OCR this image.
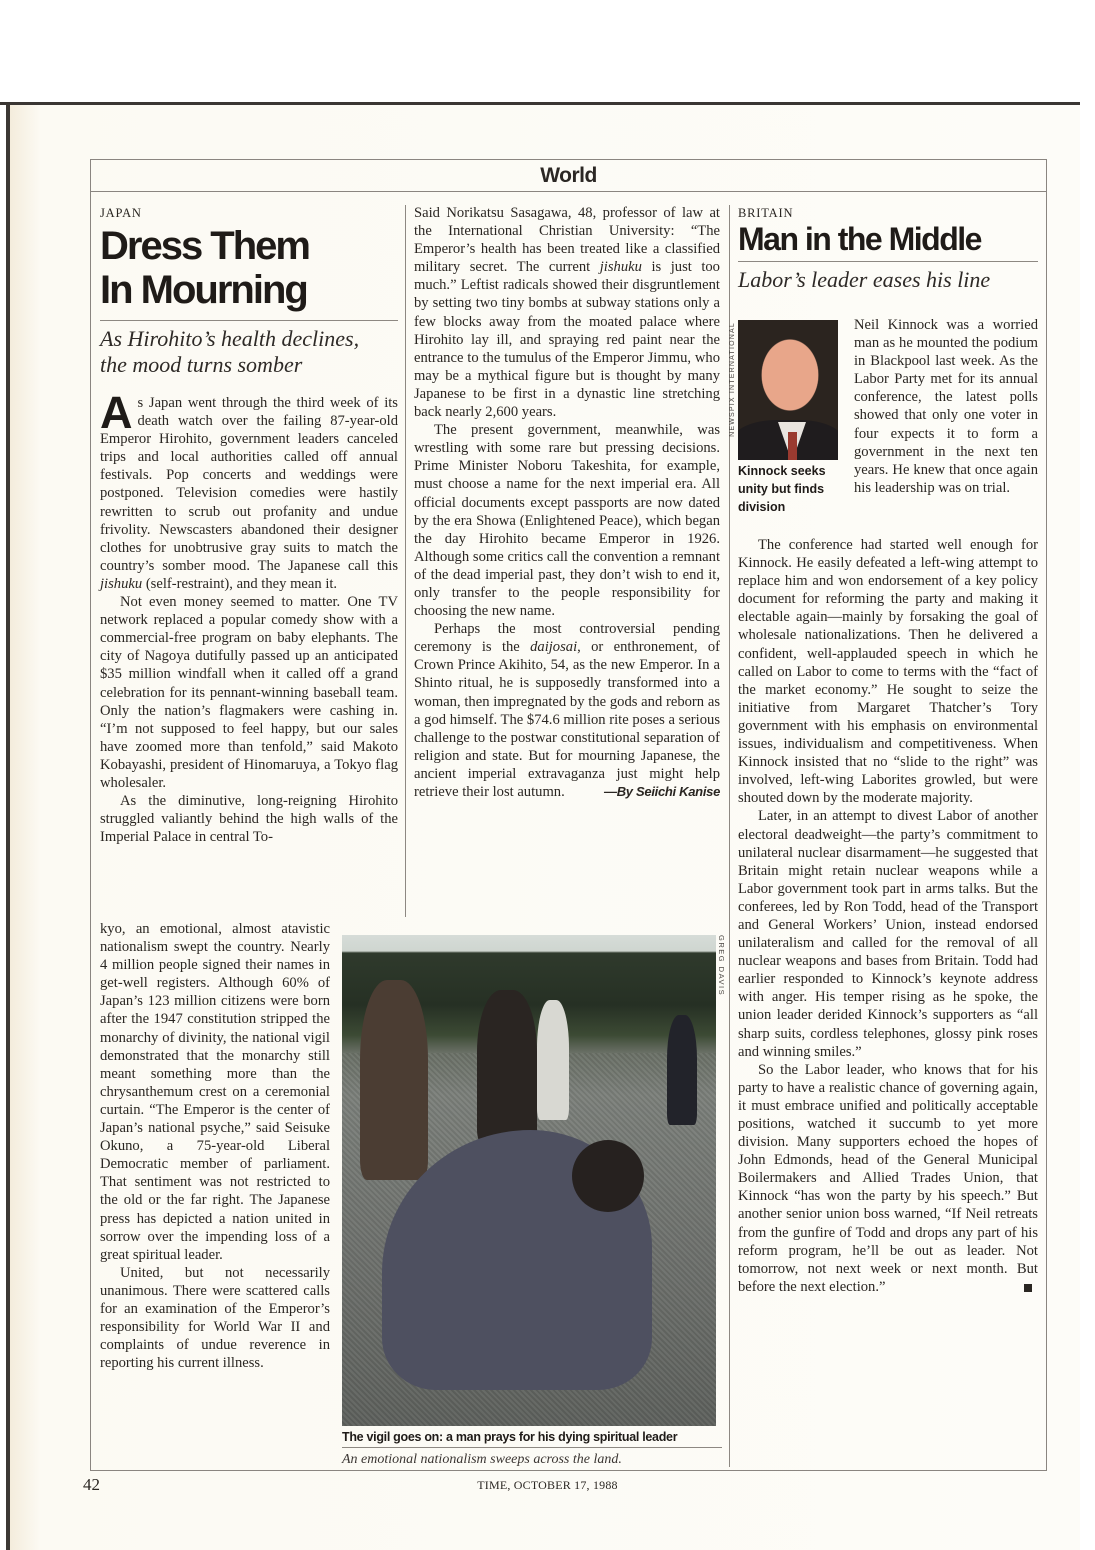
World

JAPAN

Dress Them
In Mourning
As Hirohito’s health declines,
the mood turns somber

As Japan went through the third week of its death watch over the failing 87-year-old Emperor Hirohito, government leaders canceled trips and local authorities called off annual festivals. Pop concerts and weddings were postponed. Television comedies were hastily rewritten to scrub out profanity and undue frivolity. Newscasters abandoned their designer clothes for unobtrusive gray suits to match the country’s somber mood. The Japanese call this jishuku (self-restraint), and they mean it.

Not even money seemed to matter. One TV network replaced a popular comedy show with a commercial-free program on baby elephants. The city of Nagoya dutifully passed up an anticipated $35 million windfall when it called off a grand celebration for its pennant-winning baseball team. Only the nation’s flagmakers were cashing in. “I’m not supposed to feel happy, but our sales have zoomed more than tenfold,” said Makoto Kobayashi, president of Hinomaruya, a Tokyo flag wholesaler.

As the diminutive, long-reigning Hirohito struggled valiantly behind the high walls of the Imperial Palace in central To-

kyo, an emotional, almost atavistic nationalism swept the country. Nearly 4 million people signed their names in get-well registers. Although 60% of Japan’s 123 million citizens were born after the 1947 constitution stripped the monarchy of divinity, the national vigil demonstrated that the monarchy still meant something more than the chrysanthemum crest on a ceremonial curtain. “The Emperor is the center of Japan’s national psyche,” said Seisuke Okuno, a 75-year-old Liberal Democratic member of parliament. That sentiment was not restricted to the old or the far right. The Japanese press has depicted a nation united in sorrow over the impending loss of a great spiritual leader.

United, but not necessarily unanimous. There were scattered calls for an examination of the Emperor’s responsibility for World War II and complaints of undue reverence in reporting his current illness.

Said Norikatsu Sasagawa, 48, professor of law at the International Christian University: “The Emperor’s health has been treated like a classified military secret. The current jishuku is just too much.” Leftist radicals showed their disgruntlement by setting two tiny bombs at subway stations only a few blocks away from the moated palace where Hirohito lay ill, and spraying red paint near the entrance to the tumulus of the Emperor Jimmu, who may be a mythical figure but is thought by many Japanese to be first in a dynastic line stretching back nearly 2,600 years.

The present government, meanwhile, was wrestling with some rare but pressing decisions. Prime Minister Noboru Takeshita, for example, must choose a name for the next imperial era. All official documents except passports are now dated by the era Showa (Enlightened Peace), which began the day Hirohito became Emperor in 1926. Although some critics call the convention a remnant of the dead imperial past, they don’t wish to end it, only transfer to the people responsibility for choosing the new name.

Perhaps the most controversial pending ceremony is the daijosai, or enthronement, of Crown Prince Akihito, 54, as the new Emperor. In a Shinto ritual, he is supposedly transformed into a woman, then impregnated by the gods and reborn as a god himself. The $74.6 million rite poses a serious challenge to the postwar constitutional separation of religion and state. But for mourning Japanese, the ancient imperial extravaganza just might help retrieve their lost autumn.	—By Seiichi Kanise

GREG DAVIS
The vigil goes on: a man prays for his dying spiritual leader
An emotional nationalism sweeps across the land.

BRITAIN

Man in the Middle
Labor’s leader eases his line
NEWSPIX INTERNATIONAL
Kinnock seeks unity but finds division

Neil Kinnock was a worried man as he mounted the podium in Blackpool last week. As the Labor Party met for its annual conference, the latest polls showed that only one voter in four expects it to form a government in the next ten years. He knew that once again his leadership was on trial.

The conference had started well enough for Kinnock. He easily defeated a left-wing attempt to replace him and won endorsement of a key policy document for reforming the party and making it electable again—mainly by forsaking the goal of wholesale nationalizations. Then he delivered a confident, well-applauded speech in which he called on Labor to come to terms with the “fact of the market economy.” He sought to seize the initiative from Margaret Thatcher’s Tory government with his emphasis on environmental issues, individualism and competitiveness. When Kinnock insisted that no “slide to the right” was involved, left-wing Laborites growled, but were shouted down by the moderate majority.

Later, in an attempt to divest Labor of another electoral deadweight—the party’s commitment to unilateral nuclear disarmament—he suggested that Britain might retain nuclear weapons while a Labor government took part in arms talks. But the conferees, led by Ron Todd, head of the Transport and General Workers’ Union, instead endorsed unilateralism and called for the removal of all nuclear weapons and bases from Britain. Todd had earlier responded to Kinnock’s keynote address with anger. His temper rising as he spoke, the union leader derided Kinnock’s supporters as “all sharp suits, cordless telephones, glossy pink roses and winning smiles.”

So the Labor leader, who knows that for his party to have a realistic chance of governing again, it must embrace unified and politically acceptable positions, watched it succumb to yet more division. Many supporters echoed the hopes of John Edmonds, head of the General Municipal Boilermakers and Allied Trades Union, that Kinnock “has won the party by his speech.” But another senior union boss warned, “If Neil retreats from the gunfire of Todd and drops any part of his reform program, he’ll be out as leader. Not tomorrow, not next week or next month. But before the next election.”

42	TIME, OCTOBER 17, 1988
